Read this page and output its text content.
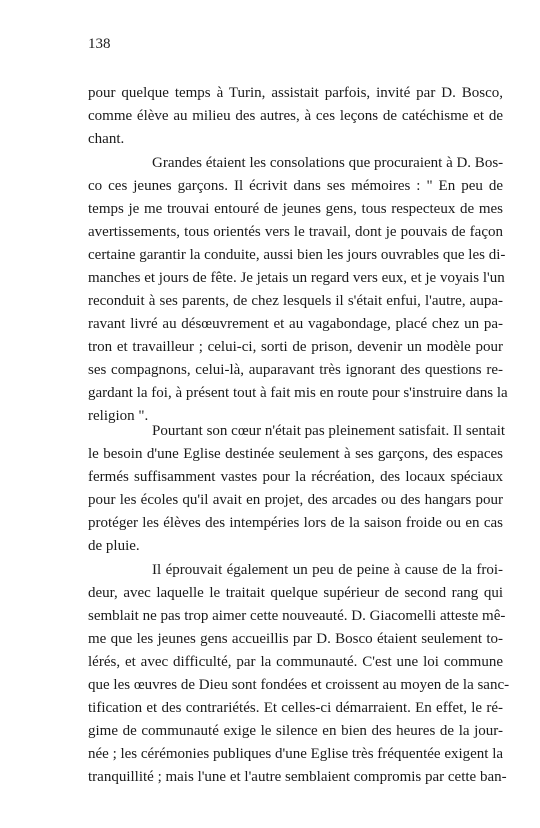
138
pour quelque temps à Turin, assistait parfois, invité par D. Bosco,
comme élève au milieu des autres, à ces leçons de catéchisme et de
chant.
Grandes étaient les consolations que procuraient à D. Bos-
co ces jeunes garçons. Il écrivit dans ses mémoires : " En peu de
temps je me trouvai entouré de jeunes gens, tous respecteux de mes
avertissements, tous orientés vers le travail, dont je pouvais de façon
certaine garantir la conduite, aussi bien les jours ouvrables que les di-
manches et jours de fête. Je jetais un regard vers eux, et je voyais l'un
reconduit à ses parents, de chez lesquels il s'était enfui, l'autre, aupa-
ravant livré au désœuvrement et au vagabondage, placé chez un pa-
tron et travailleur ; celui-ci, sorti de prison, devenir un modèle pour
ses compagnons, celui-là, auparavant très ignorant des questions re-
gardant la foi, à présent tout à fait mis en route pour s'instruire dans la
religion ".
Pourtant son cœur n'était pas pleinement satisfait. Il sentait
le besoin d'une Eglise destinée seulement à ses garçons, des espaces
fermés suffisamment vastes pour la récréation, des locaux spéciaux
pour les écoles qu'il avait en projet, des arcades ou des hangars pour
protéger les élèves des intempéries lors de la saison froide ou en cas
de pluie.
Il éprouvait également un peu de peine à cause de la froi-
deur, avec laquelle le traitait quelque supérieur de second rang qui
semblait ne pas trop aimer cette nouveauté. D. Giacomelli atteste mê-
me que les jeunes gens accueillis par D. Bosco étaient seulement to-
lérés, et avec difficulté, par la communauté. C'est une loi commune
que les œuvres de Dieu sont fondées et croissent au moyen de la sanc-
tification et des contrariétés. Et celles-ci démarraient. En effet, le ré-
gime de communauté exige le silence en bien des heures de la jour-
née ; les cérémonies publiques d'une Eglise très fréquentée exigent la
tranquillité ; mais l'une et l'autre semblaient compromis par cette ban-
